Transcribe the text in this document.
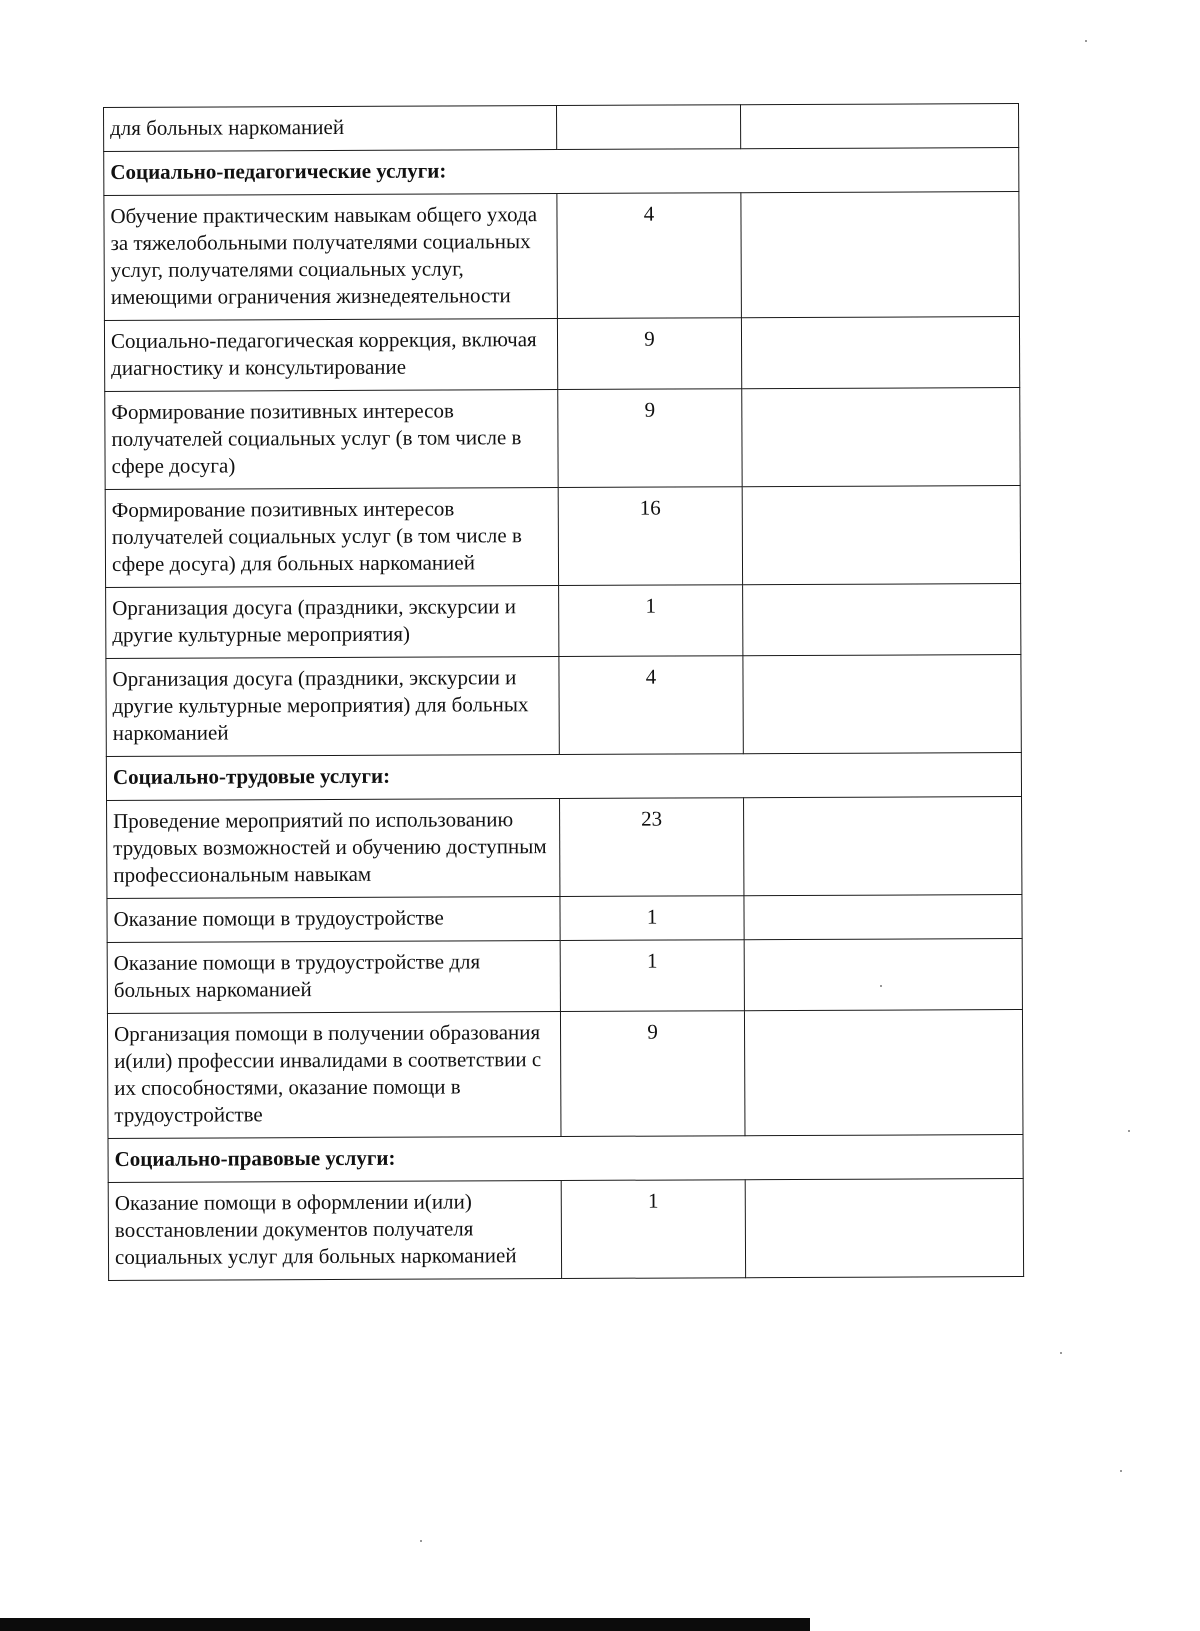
для больных наркоманией		
Социально-педагогические услуги:		
Обучение практическим навыкам общего ухода за тяжелобольными получателями социальных услуг, получателями социальных услуг, имеющими ограничения жизнедеятельности	4	
Социально-педагогическая коррекция, включая диагностику и консультирование	9	
Формирование позитивных интересов получателей социальных услуг (в том числе в сфере досуга)	9	
Формирование позитивных интересов получателей социальных услуг (в том числе в сфере досуга) для больных наркоманией	16	
Организация досуга (праздники, экскурсии и другие культурные мероприятия)	1	
Организация досуга (праздники, экскурсии и другие культурные мероприятия) для больных наркоманией	4	
Социально-трудовые услуги:		
Проведение мероприятий по использованию трудовых возможностей и обучению доступным профессиональным навыкам	23	
Оказание помощи в трудоустройстве	1	
Оказание помощи в трудоустройстве для больных наркоманией	1	
Организация помощи в получении образования и(или) профессии инвалидами в соответствии с их способностями, оказание помощи в трудоустройстве	9	
Социально-правовые услуги:		
Оказание помощи в оформлении и(или) восстановлении документов получателя социальных услуг для больных наркоманией	1	
